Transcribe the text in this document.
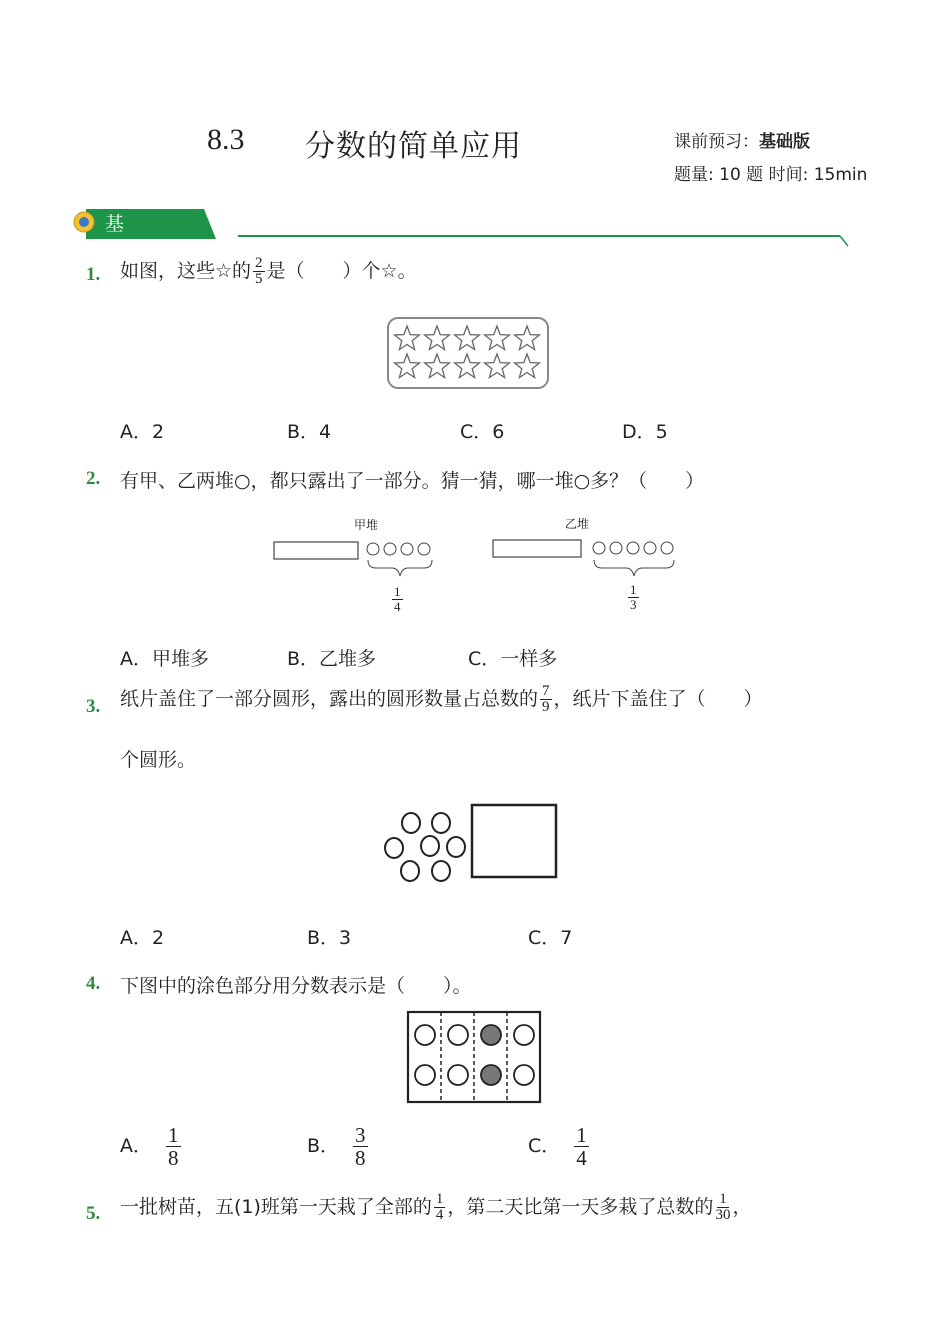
8.3 分数的简单应用	课前预习：基础版
题量: 10 题 时间: 15min
基础达标
1. 如图，这些☆的 $\frac{2}{5}$ 是（　　）个☆。
A．2	B．4	C．6	D．5
2. 有甲、乙两堆○，都只露出了一部分。猜一猜，哪一堆○多？（　　）
甲堆	乙堆
$\frac{1}{4}$	$\frac{1}{3}$
A．甲堆多	B．乙堆多	C．一样多
3. 纸片盖住了一部分圆形，露出的圆形数量占总数的 $\frac{7}{9}$ ，纸片下盖住了（　　）
个圆形。
A．2	B．3	C．7
4. 下图中的涂色部分用分数表示是（　　）。
A． $\frac{1}{8}$	B． $\frac{3}{8}$	C． $\frac{1}{4}$
5. 一批树苗，五(1)班第一天栽了全部的 $\frac{1}{4}$ ，第二天比第一天多栽了总数的 $\frac{1}{30}$ ，
